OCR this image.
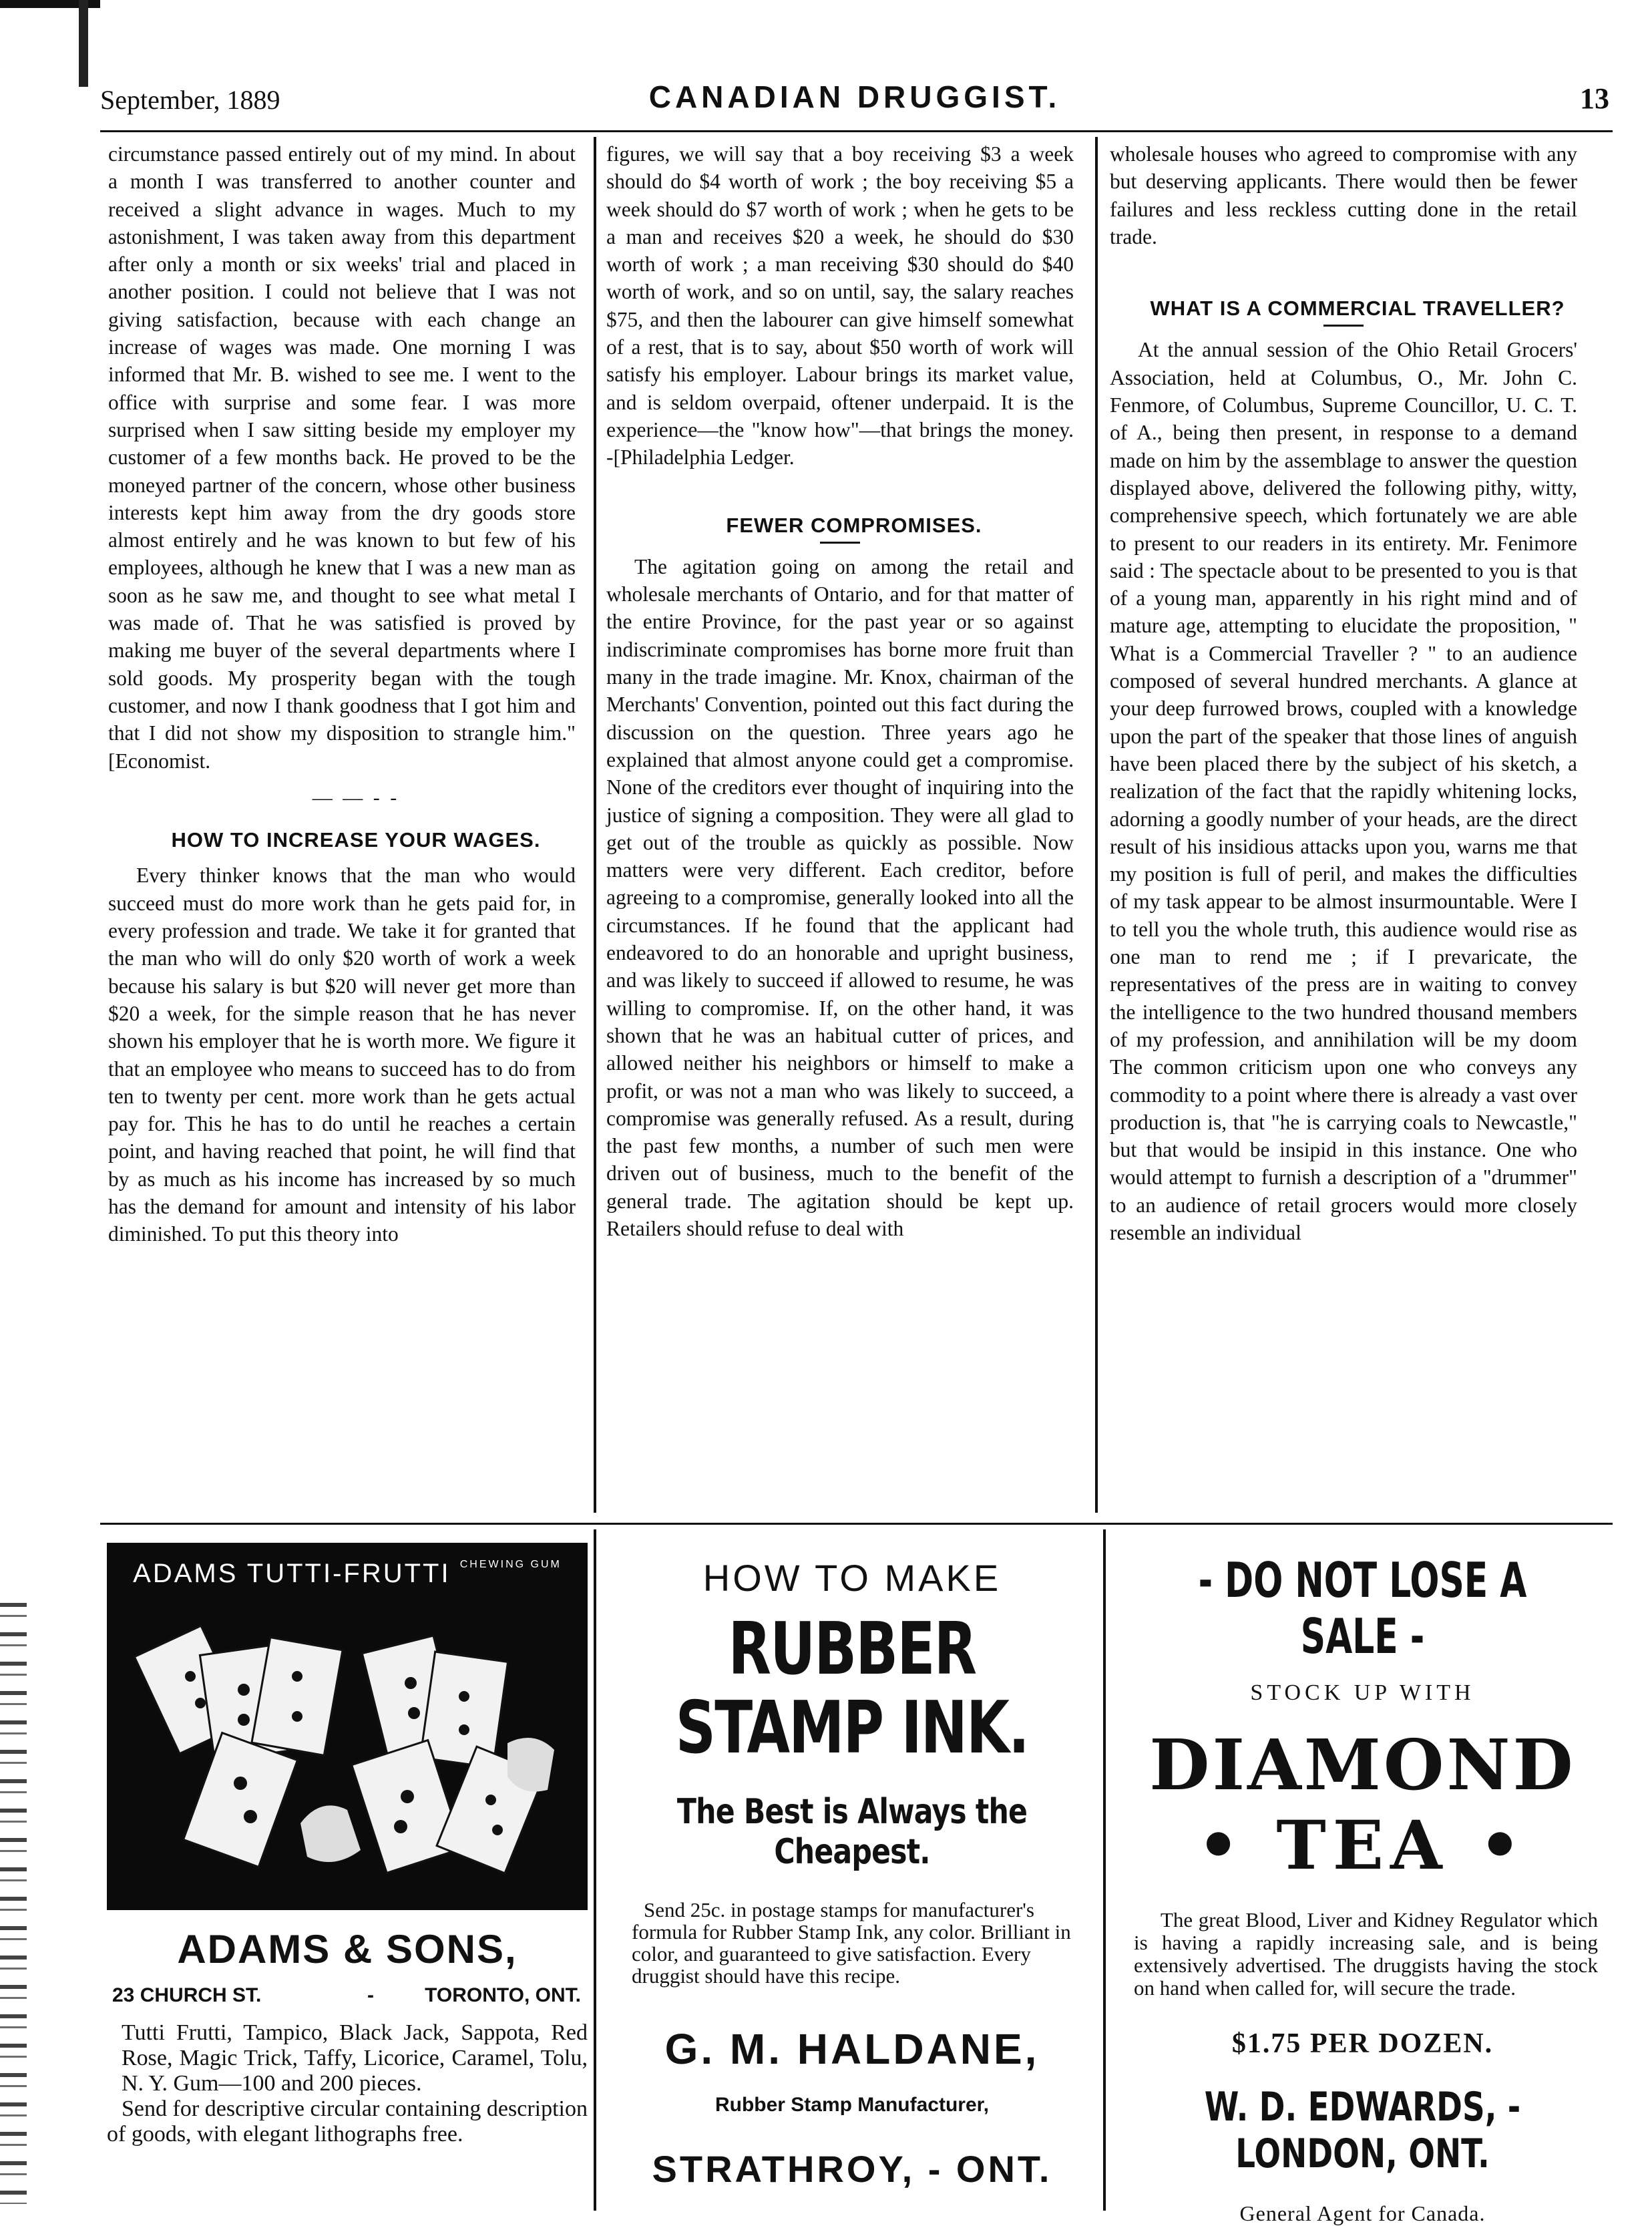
September, 1889	CANADIAN DRUGGIST.	13

circumstance passed entirely out of my mind. In about a month I was transferred to another counter and received a slight advance in wages. Much to my astonishment, I was taken away from this department after only a month or six weeks' trial and placed in another position. I could not believe that I was not giving satisfaction, because with each change an increase of wages was made. One morning I was informed that Mr. B. wished to see me. I went to the office with surprise and some fear. I was more surprised when I saw sitting beside my employer my customer of a few months back. He proved to be the moneyed partner of the concern, whose other business interests kept him away from the dry goods store almost entirely and he was known to but few of his employees, although he knew that I was a new man as soon as he saw me, and thought to see what metal I was made of. That he was satisfied is proved by making me buyer of the several departments where I sold goods. My prosperity began with the tough customer, and now I thank goodness that I got him and that I did not show my disposition to strangle him." [Economist.

— — - -

HOW TO INCREASE YOUR WAGES.

Every thinker knows that the man who would succeed must do more work than he gets paid for, in every profession and trade. We take it for granted that the man who will do only $20 worth of work a week because his salary is but $20 will never get more than $20 a week, for the simple reason that he has never shown his employer that he is worth more. We figure it that an employee who means to succeed has to do from ten to twenty per cent. more work than he gets actual pay for. This he has to do until he reaches a certain point, and having reached that point, he will find that by as much as his income has increased by so much has the demand for amount and intensity of his labor diminished. To put this theory into

figures, we will say that a boy receiving $3 a week should do $4 worth of work ; the boy receiving $5 a week should do $7 worth of work ; when he gets to be a man and receives $20 a week, he should do $30 worth of work ; a man receiving $30 should do $40 worth of work, and so on until, say, the salary reaches $75, and then the labourer can give himself somewhat of a rest, that is to say, about $50 worth of work will satisfy his employer. Labour brings its market value, and is seldom overpaid, oftener underpaid. It is the experience—the "know how"—that brings the money. -[Philadelphia Ledger.

FEWER COMPROMISES.

The agitation going on among the retail and wholesale merchants of Ontario, and for that matter of the entire Province, for the past year or so against indiscriminate compromises has borne more fruit than many in the trade imagine. Mr. Knox, chairman of the Merchants' Convention, pointed out this fact during the discussion on the question. Three years ago he explained that almost anyone could get a compromise. None of the creditors ever thought of inquiring into the justice of signing a composition. They were all glad to get out of the trouble as quickly as possible. Now matters were very different. Each creditor, before agreeing to a compromise, generally looked into all the circumstances. If he found that the applicant had endeavored to do an honorable and upright business, and was likely to succeed if allowed to resume, he was willing to compromise. If, on the other hand, it was shown that he was an habitual cutter of prices, and allowed neither his neighbors or himself to make a profit, or was not a man who was likely to succeed, a compromise was generally refused. As a result, during the past few months, a number of such men were driven out of business, much to the benefit of the general trade. The agitation should be kept up. Retailers should refuse to deal with

wholesale houses who agreed to compromise with any but deserving applicants. There would then be fewer failures and less reckless cutting done in the retail trade.

WHAT IS A COMMERCIAL TRAVELLER?

At the annual session of the Ohio Retail Grocers' Association, held at Columbus, O., Mr. John C. Fenmore, of Columbus, Supreme Councillor, U. C. T. of A., being then present, in response to a demand made on him by the assemblage to answer the question displayed above, delivered the following pithy, witty, comprehensive speech, which fortunately we are able to present to our readers in its entirety. Mr. Fenimore said : The spectacle about to be presented to you is that of a young man, apparently in his right mind and of mature age, attempting to elucidate the proposition, " What is a Commercial Traveller ? " to an audience composed of several hundred merchants. A glance at your deep furrowed brows, coupled with a knowledge upon the part of the speaker that those lines of anguish have been placed there by the subject of his sketch, a realization of the fact that the rapidly whitening locks, adorning a goodly number of your heads, are the direct result of his insidious attacks upon you, warns me that my position is full of peril, and makes the difficulties of my task appear to be almost insurmountable. Were I to tell you the whole truth, this audience would rise as one man to rend me ; if I prevaricate, the representatives of the press are in waiting to convey the intelligence to the two hundred thousand members of my profession, and annihilation will be my doom The common criticism upon one who conveys any commodity to a point where there is already a vast over production is, that "he is carrying coals to Newcastle," but that would be insipid in this instance. One who would attempt to furnish a description of a "drummer" to an audience of retail grocers would more closely resemble an individual

ADAMS TUTTI-FRUTTI $^{CHEWING GUM}$
ADAMS & SONS,
23 CHURCH ST.	-	TORONTO, ONT.

Tutti Frutti, Tampico, Black Jack, Sappota, Red Rose, Magic Trick, Taffy, Licorice, Caramel, Tolu, N. Y. Gum—100 and 200 pieces.

Send for descriptive circular containing description of goods, with elegant lithographs free.

HOW TO MAKE
RUBBER STAMP INK.
The Best is Always the Cheapest.

Send 25c. in postage stamps for manufacturer's formula for Rubber Stamp Ink, any color. Brilliant in color, and guaranteed to give satisfaction. Every druggist should have this recipe.

G. M. HALDANE,
Rubber Stamp Manufacturer,
STRATHROY, - ONT.
- DO NOT LOSE A SALE -
STOCK UP WITH
DIAMOND
• TEA •

The great Blood, Liver and Kidney Regulator which is having a rapidly increasing sale, and is being extensively advertised. The druggists having the stock on hand when called for, will secure the trade.

$1.75 PER DOZEN.
W. D. EDWARDS, - LONDON, ONT.
General Agent for Canada.
